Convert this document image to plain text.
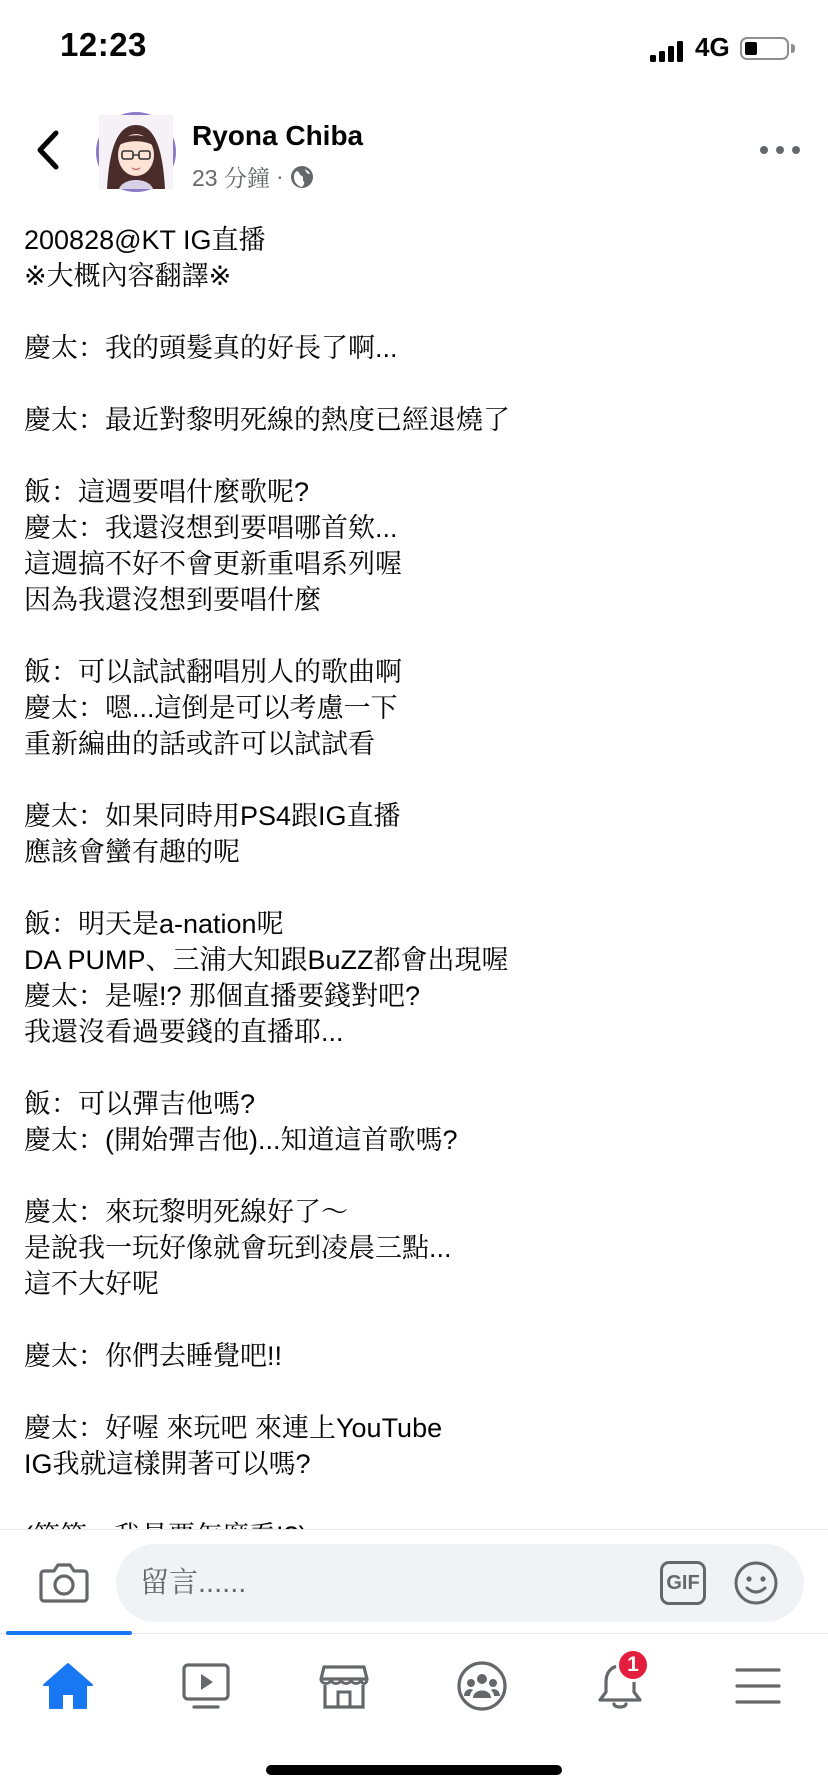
12:23	4G
Ryona Chiba
23 分鐘 ·
200828@KT IG直播
※大概內容翻譯※
慶太：我的頭髮真的好長了啊...
慶太：最近對黎明死線的熱度已經退燒了
飯：這週要唱什麼歌呢?
慶太：我還沒想到要唱哪首欸...
這週搞不好不會更新重唱系列喔
因為我還沒想到要唱什麼
飯：可以試試翻唱別人的歌曲啊
慶太：嗯...這倒是可以考慮一下
重新編曲的話或許可以試試看
慶太：如果同時用PS4跟IG直播
應該會蠻有趣的呢
飯：明天是a-nation呢
DA PUMP、三浦大知跟BuZZ都會出現喔
慶太：是喔!? 那個直播要錢對吧?
我還沒看過要錢的直播耶...
飯：可以彈吉他嗎?
慶太：(開始彈吉他)...知道這首歌嗎?
慶太：來玩黎明死線好了～
是說我一玩好像就會玩到凌晨三點...
這不大好呢
慶太：你們去睡覺吧!!
慶太：好喔 來玩吧 來連上YouTube
IG我就這樣開著可以嗎?
留言......
GIF
1
